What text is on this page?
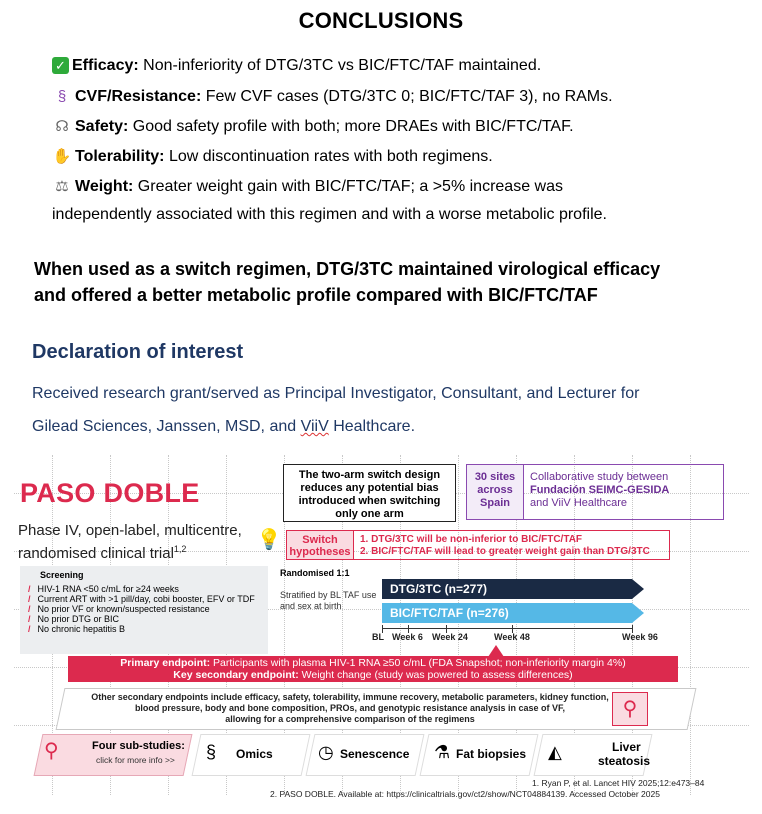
CONCLUSIONS
✓ Efficacy: Non-inferiority of DTG/3TC vs BIC/FTC/TAF maintained.
§ CVF/Resistance: Few CVF cases (DTG/3TC 0; BIC/FTC/TAF 3), no RAMs.
☊ Safety: Good safety profile with both; more DRAEs with BIC/FTC/TAF.
✋ Tolerability: Low discontinuation rates with both regimens.
⚖ Weight: Greater weight gain with BIC/FTC/TAF; a >5% increase was
independently associated with this regimen and with a worse metabolic profile.
When used as a switch regimen, DTG/3TC maintained virological efficacy
and offered a better metabolic profile compared with BIC/FTC/TAF
Declaration of interest
Received research grant/served as Principal Investigator, Consultant, and Lecturer for
Gilead Sciences, Janssen, MSD, and ViiV Healthcare.
PASO DOBLE
Phase IV, open-label, multicentre,
randomised clinical trial$^{1,2}$
The two-arm switch design
reduces any potential bias
introduced when switching
only one arm
30 sites
across
Spain
Collaborative study between
Fundación SEIMC-GESIDA
and ViiV Healthcare
💡	Switch
hypotheses
1. DTG/3TC will be non-inferior to BIC/FTC/TAF
2. BIC/FTC/TAF will lead to greater weight gain than DTG/3TC
Screening
/ HIV-1 RNA <50 c/mL for ≥24 weeks
/ Current ART with >1 pill/day, cobi booster, EFV or TDF
/ No prior VF or known/suspected resistance
/ No prior DTG or BIC
/ No chronic hepatitis B
Randomised 1:1
Stratified by BL TAF use
and sex at birth
DTG/3TC (n=277)
BIC/FTC/TAF (n=276)
BL Week 6 Week 24	Week 48	Week 96
Primary endpoint: Participants with plasma HIV-1 RNA ≥50 c/mL (FDA Snapshot; non-inferiority margin 4%)
Key secondary endpoint: Weight change (study was powered to assess differences)
Other secondary endpoints include efficacy, safety, tolerability, immune recovery, metabolic parameters, kidney function,
blood pressure, body and bone composition, PROs, and genotypic resistance analysis in case of VF,
allowing for a comprehensive comparison of the regimens	⚲
⚲	Four sub-studies:
click for more info >> § Omics	◷ Senescence ⚗ Fat biopsies ◭	Liver
steatosis
1. Ryan P, et al. Lancet HIV 2025;12:e473–84
2. PASO DOBLE. Available at: https://clinicaltrials.gov/ct2/show/NCT04884139. Accessed October 2025
